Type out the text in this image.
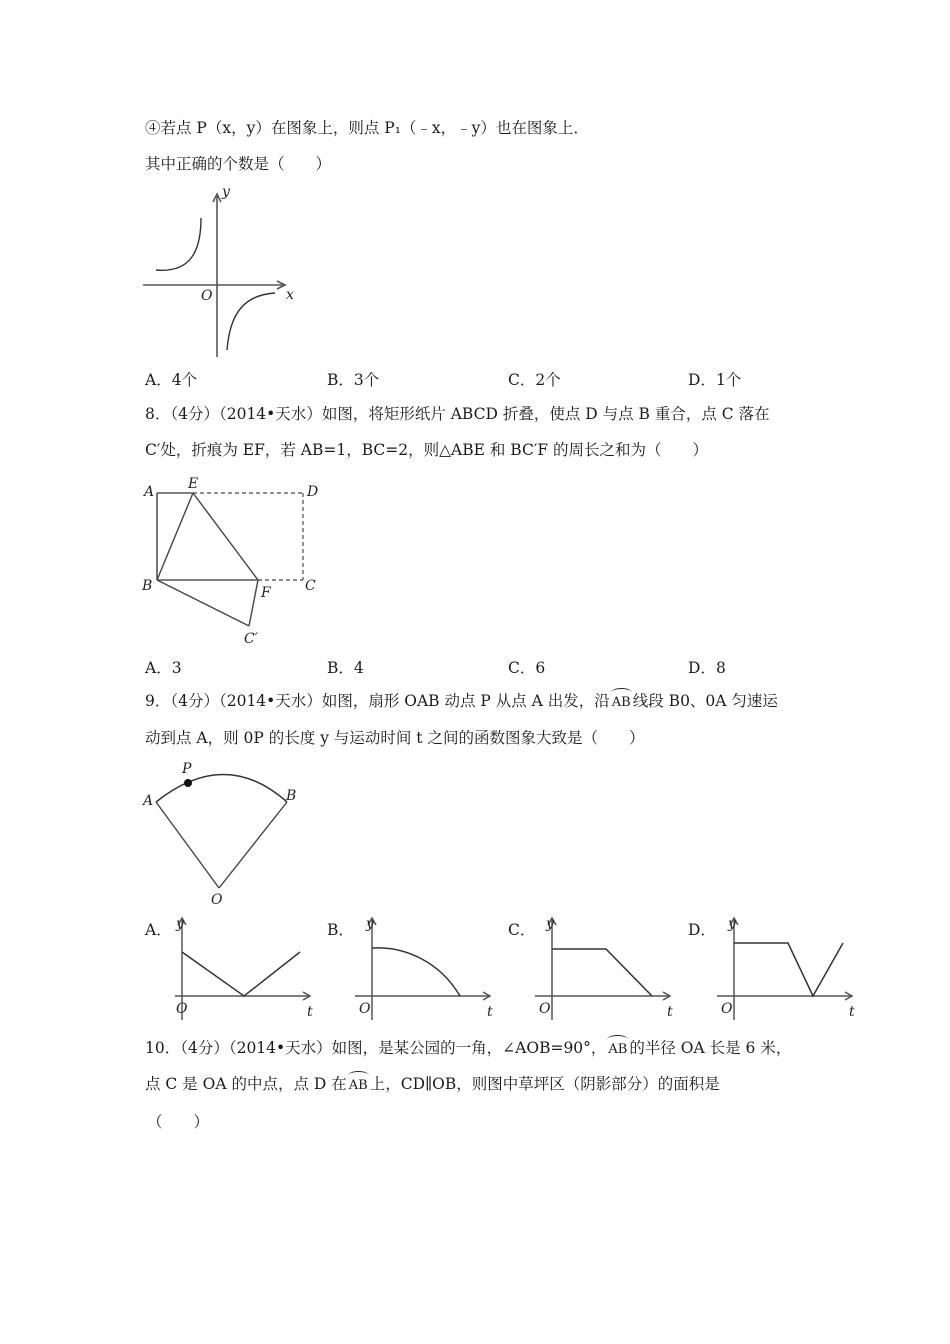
④若点 P（x，y）在图象上，则点 P₁（﹣x，﹣y）也在图象上．
其中正确的个数是（　　）
y
x
O
A．4个	B．3个	C．2个	D．1个
8．（4分）（2014•天水）如图，将矩形纸片 ABCD 折叠，使点 D 与点 B 重合，点 C 落在
C′处，折痕为 EF，若 AB=1，BC=2，则△ABE 和 BC′F 的周长之和为（　　）
A E	D
B	F C
C′
A．3	B．4	C．6	D．8
9．（4分）（2014•天水）如图，扇形 OAB 动点 P 从点 A 出发，沿 AB 线段 B0、0A 匀速运
动到点 A，则 0P 的长度 y 与运动时间 t 之间的函数图象大致是（　　）
P
A	B
O
A． y
t
O
B． y
t
O
C． y
t
O
D． y
t
O
10．（4分）（2014•天水）如图，是某公园的一角，∠AOB=90°， AB 的半径 OA 长是 6 米，
点 C 是 OA 的中点，点 D 在 AB 上，CD∥OB，则图中草坪区（阴影部分）的面积是
（　　）
